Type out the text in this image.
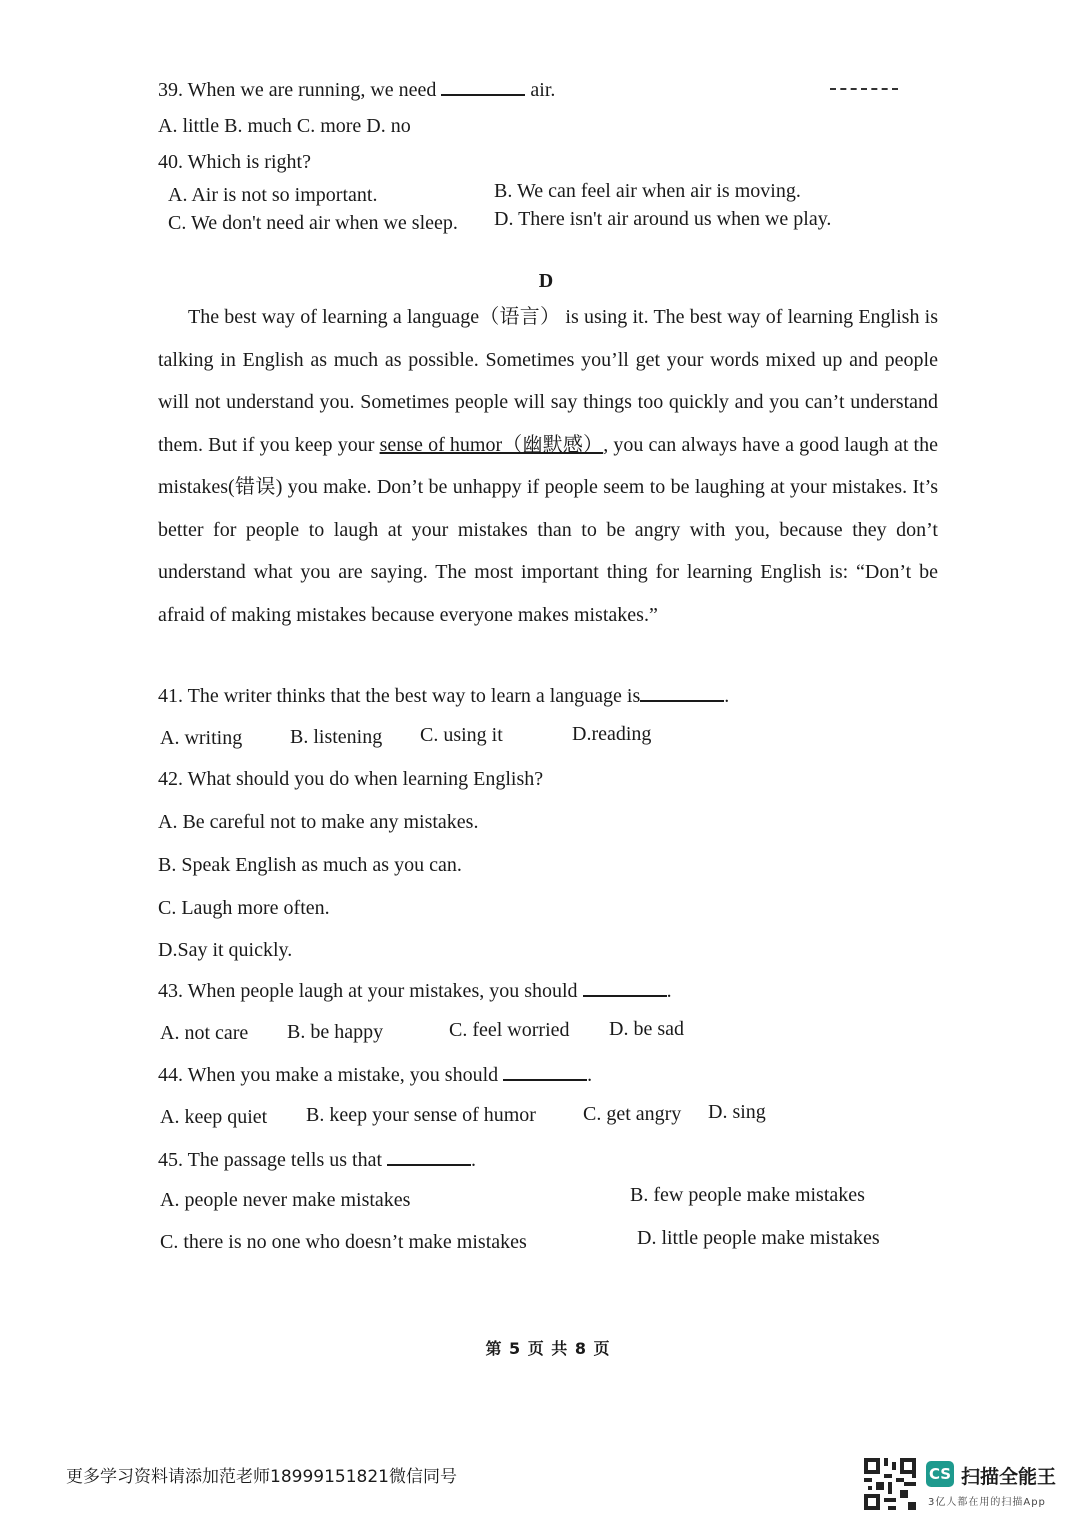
39. When we are running, we need	air.
A. little B. much C. more D. no
40. Which is right?
A. Air is not so important.	B. We can feel air when air is moving.
C. We don't need air when we sleep. D. There isn't air around us when we play.
D
The best way of learning a language（语言） is using it. The best way of learning English is talking in English as much as possible. Sometimes you’ll get your words mixed up and people will not understand you. Sometimes people will say things too quickly and you can’t understand them. But if you keep your sense of humor（幽默感）, you can always have a good laugh at the mistakes(错误) you make. Don’t be unhappy if people seem to be laughing at your mistakes. It’s better for people to laugh at your mistakes than to be angry with you, because they don’t understand what you are saying. The most important thing for learning English is: “Don’t be afraid of making mistakes because everyone makes mistakes.”
41. The writer thinks that the best way to learn a language is	.
A. writing B. listening C. using it	D.reading
42. What should you do when learning English?
A. Be careful not to make any mistakes.
B. Speak English as much as you can.
C. Laugh more often.
D.Say it quickly.
43. When people laugh at your mistakes, you should	.
A. not care B. be happy	C. feel worried D. be sad
44. When you make a mistake, you should	.
A. keep quiet B. keep your sense of humor C. get angry D. sing
45. The passage tells us that	.
A. people never make mistakes	B. few people make mistakes
C. there is no one who doesn’t make mistakes	D. little people make mistakes
第 5 页 共 8 页
更多学习资料请添加范老师18999151821微信同号	CS 扫描全能王
3亿人都在用的扫描App
